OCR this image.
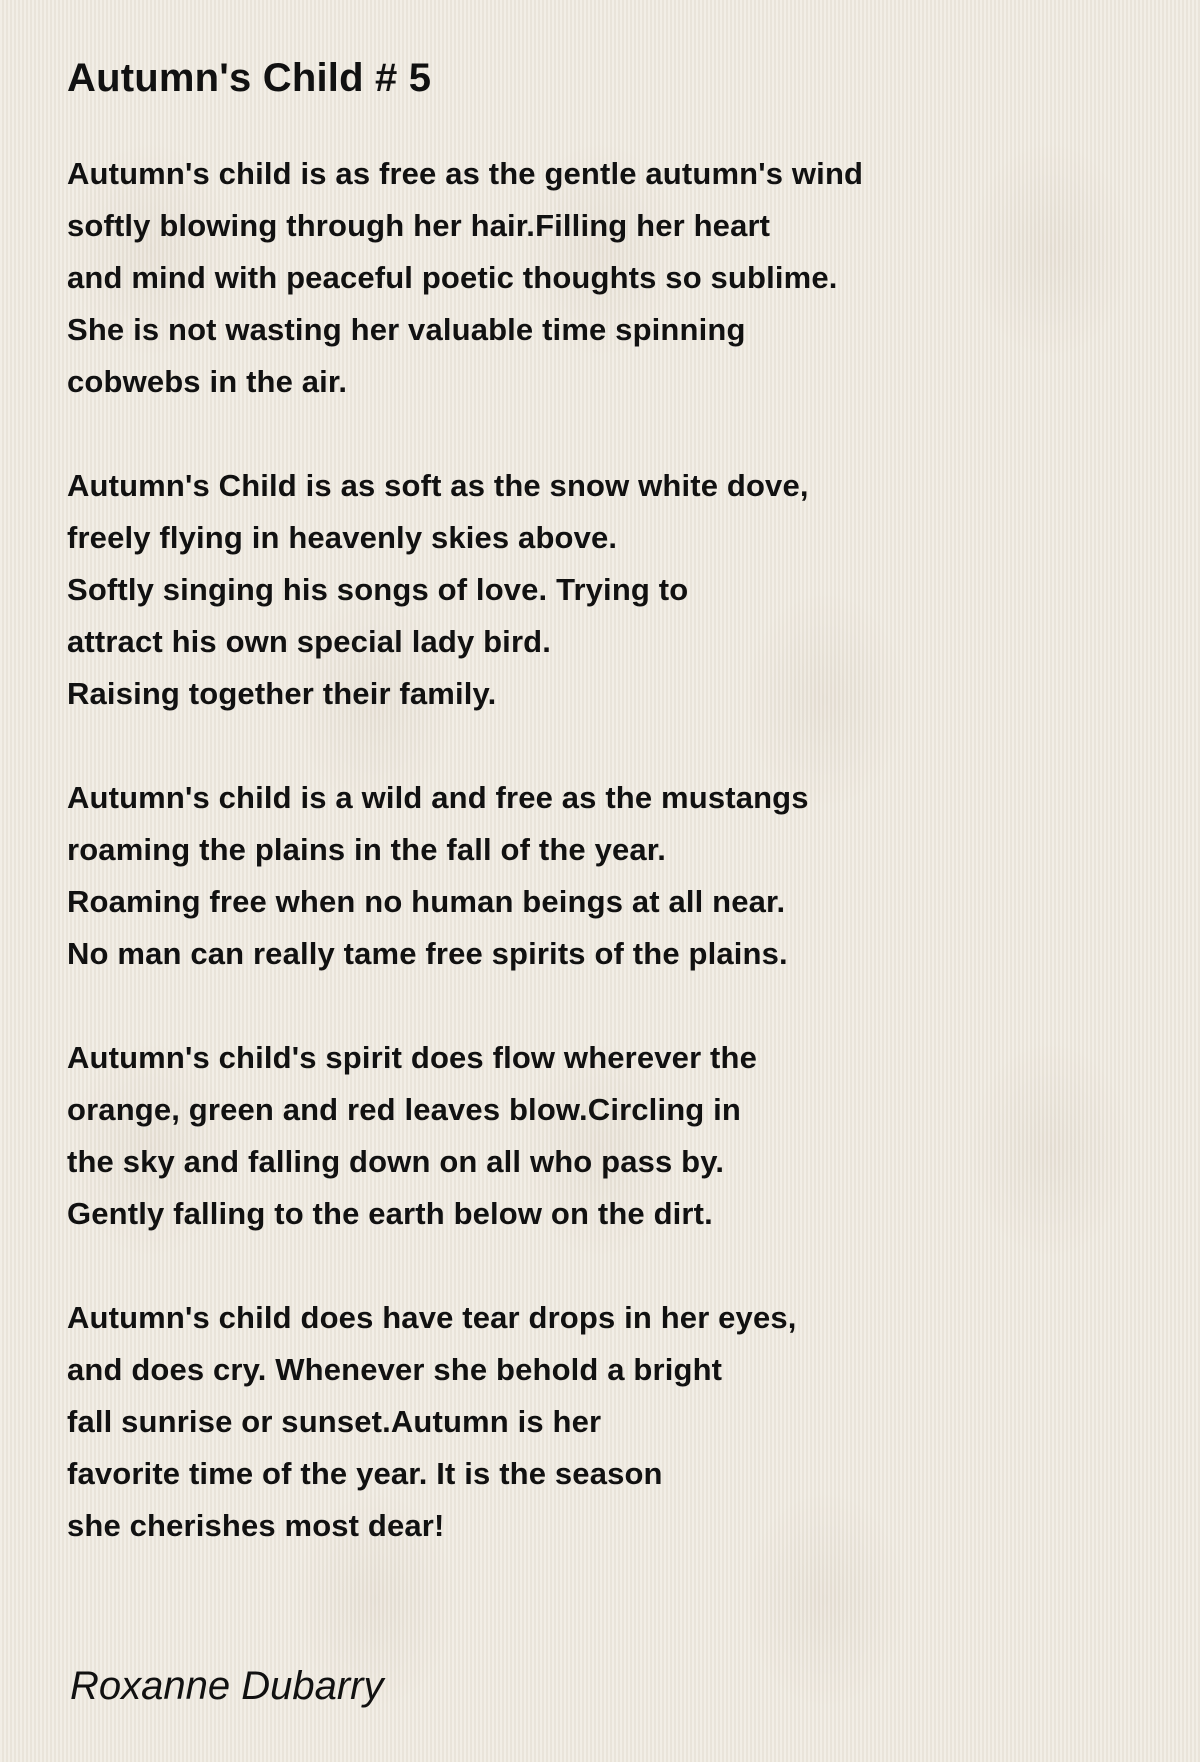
Autumn's Child # 5
Autumn's child is as free as the gentle autumn's wind
softly blowing through her hair.Filling her heart
and mind with peaceful poetic thoughts so sublime.
She is not wasting her valuable time spinning
cobwebs in the air.
Autumn's Child is as soft as the snow white dove,
freely flying in heavenly skies above.
Softly singing his songs of love. Trying to
attract his own special lady bird.
Raising together their family.
Autumn's child is a wild and free as the mustangs
roaming the plains in the fall of the year.
Roaming free when no human beings at all near.
No man can really tame free spirits of the plains.
Autumn's child's spirit does flow wherever the
orange, green and red leaves blow.Circling in
the sky and falling down on all who pass by.
Gently falling to the earth below on the dirt.
Autumn's child does have tear drops in her eyes,
and does cry. Whenever she behold a bright
fall sunrise or sunset.Autumn is her
favorite time of the year. It is the season
she cherishes most dear!

Roxanne Dubarry
